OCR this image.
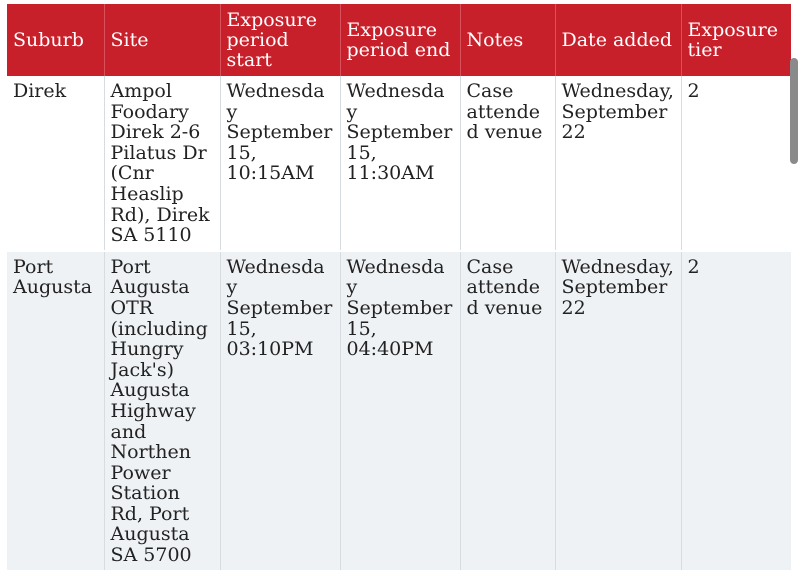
Suburb	Site	Exposure period start	Exposure period end	Notes	Date added	Exposure tier
Direk	Ampol Foodary Direk 2-6 Pilatus Dr (Cnr Heaslip Rd), Direk SA 5110	Wednesday September 15, 10:15AM	Wednesday September 15, 11:30AM	Case attended venue	Wednesday, September 22	2
Port Augusta	Port Augusta OTR (including Hungry Jack's) Augusta Highway and Northen Power Station Rd, Port Augusta SA 5700	Wednesday September 15, 03:10PM	Wednesday September 15, 04:40PM	Case attended venue	Wednesday, September 22	2
